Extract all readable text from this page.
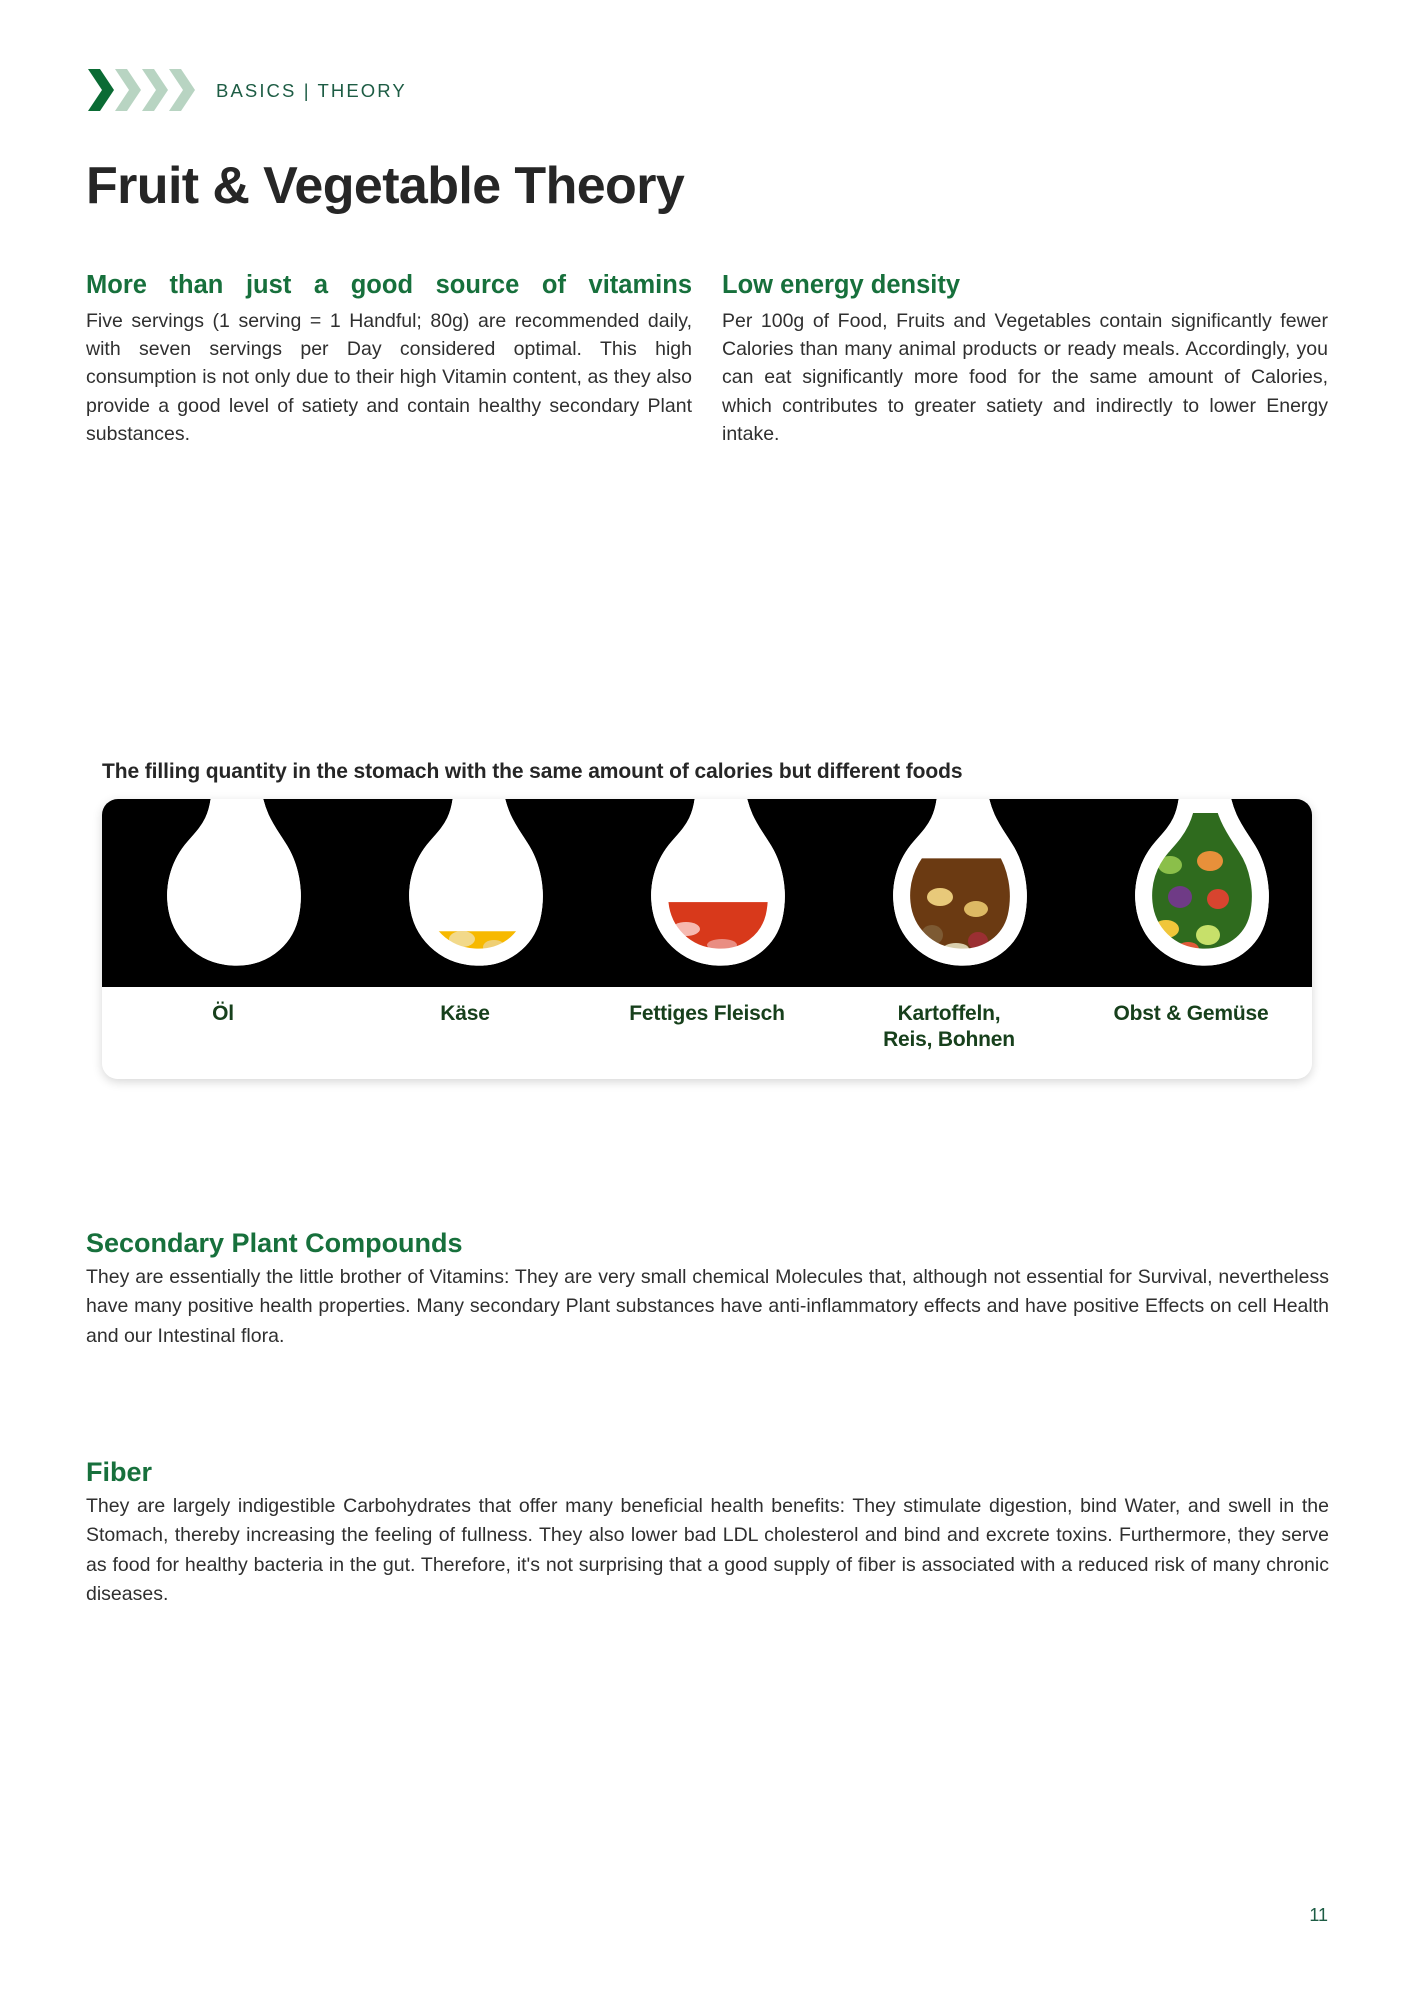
BASICS | THEORY
Fruit & Vegetable Theory
More than just a good source of vitamins
Five servings (1 serving = 1 Handful; 80g) are recommended daily, with seven servings per Day considered optimal. This high consumption is not only due to their high Vitamin content, as they also provide a good level of satiety and contain healthy secondary Plant substances.
Low energy density
Per 100g of Food, Fruits and Vegetables contain significantly fewer Calories than many animal products or ready meals. Accordingly, you can eat significantly more food for the same amount of Calories, which contributes to greater satiety and indirectly to lower Energy intake.
The filling quantity in the stomach with the same amount of calories but different foods
Öl	Käse	Fettiges Fleisch	Kartoffeln,
Reis, Bohnen
Obst & Gemüse
Secondary Plant Compounds
They are essentially the little brother of Vitamins: They are very small chemical Molecules that, although not essential for Survival, nevertheless have many positive health properties. Many secondary Plant substances have anti-inflammatory effects and have positive Effects on cell Health and our Intestinal flora.
Fiber
They are largely indigestible Carbohydrates that offer many beneficial health benefits: They stimulate digestion, bind Water, and swell in the Stomach, thereby increasing the feeling of fullness. They also lower bad LDL cholesterol and bind and excrete toxins. Furthermore, they serve as food for healthy bacteria in the gut. Therefore, it's not surprising that a good supply of fiber is associated with a reduced risk of many chronic diseases.
11
